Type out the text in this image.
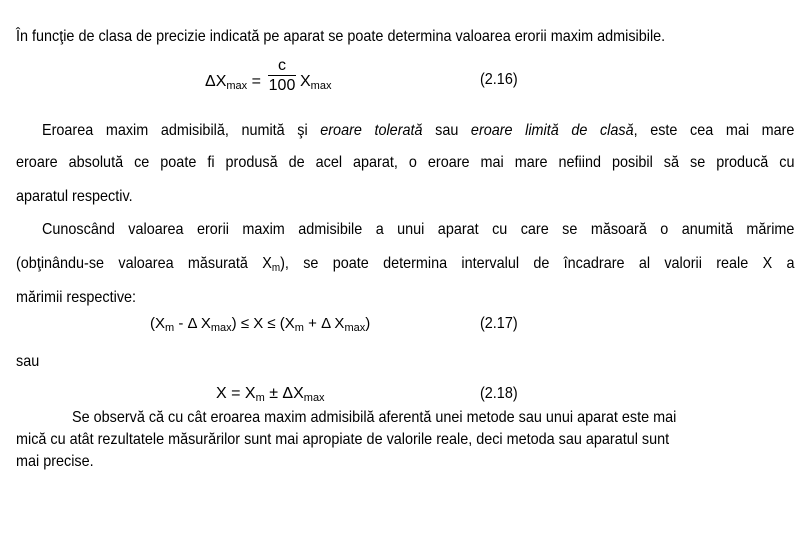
În funcţie de clasa de precizie indicată pe aparat se poate determina valoarea erorii maxim admisibile.
$\Delta X_{max}$ =
c
100 $X_{max}$	(2.16)
Eroarea maxim admisibilă, numită şi eroare tolerată sau eroare limită de clasă, este cea mai mare
eroare absolută ce poate fi produsă de acel aparat, o eroare mai mare nefiind posibil să se producă cu
aparatul respectiv.
Cunoscând valoarea erorii maxim admisibile a unui aparat cu care se măsoară o anumită mărime
(obţinându-se valoarea măsurată $X_m$), se poate determina intervalul de încadrare al valorii reale X a
mărimii respective:
($X_m$ - Δ $X_{max}) \le X \le (X_m + \Delta$ $X_{max}$)	(2.17)
sau
$X = X_m \pm \Delta X_{max}$	(2.18)
Se observă că cu cât eroarea maxim admisibilă aferentă unei metode sau unui aparat este mai
mică cu atât rezultatele măsurărilor sunt mai apropiate de valorile reale, deci metoda sau aparatul sunt
mai precise.
